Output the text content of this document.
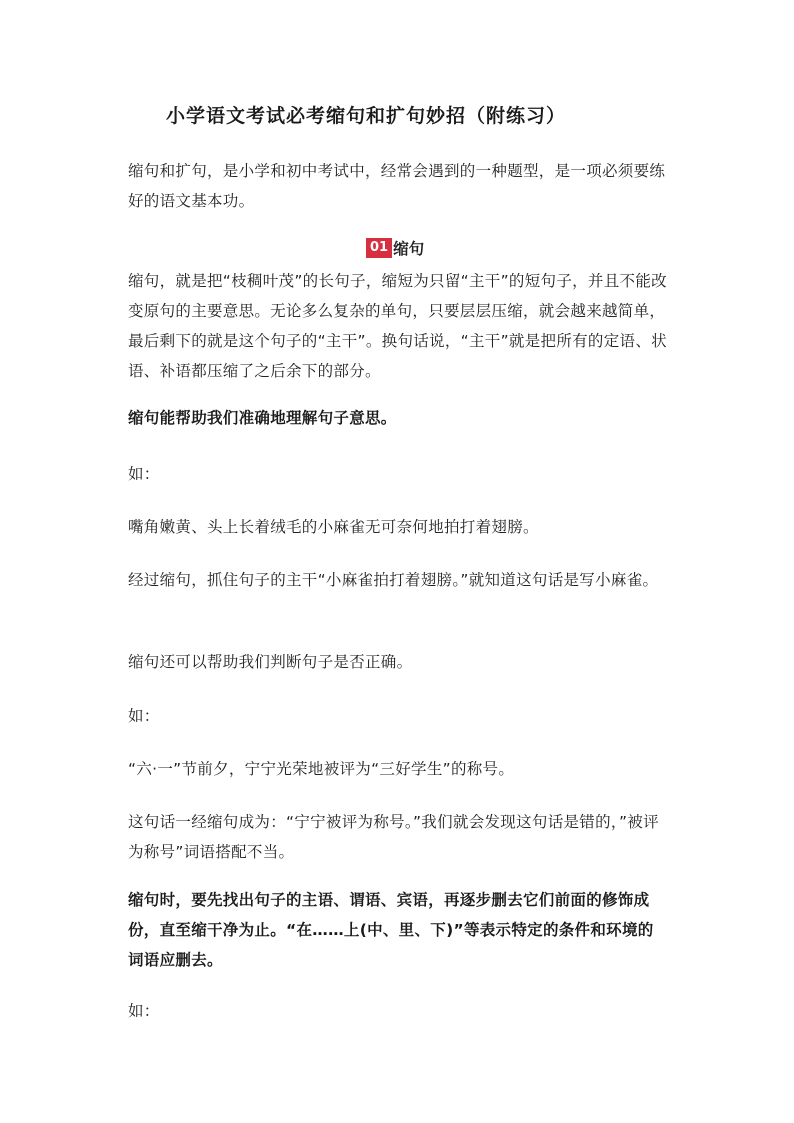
小学语文考试必考缩句和扩句妙招（附练习）

缩句和扩句，是小学和初中考试中，经常会遇到的一种题型，是一项必须要练好的语文基本功。

01 缩句

缩句，就是把“枝稠叶茂”的长句子，缩短为只留“主干”的短句子，并且不能改变原句的主要意思。无论多么复杂的单句，只要层层压缩，就会越来越简单，最后剩下的就是这个句子的“主干”。换句话说，“主干”就是把所有的定语、状语、补语都压缩了之后余下的部分。

缩句能帮助我们准确地理解句子意思。

如：

嘴角嫩黄、头上长着绒毛的小麻雀无可奈何地拍打着翅膀。

经过缩句，抓住句子的主干“小麻雀拍打着翅膀。”就知道这句话是写小麻雀。

缩句还可以帮助我们判断句子是否正确。

如：

“六·一”节前夕，宁宁光荣地被评为“三好学生”的称号。

这句话一经缩句成为：“宁宁被评为称号。”我们就会发现这句话是错的，”被评为称号”词语搭配不当。

缩句时，要先找出句子的主语、谓语、宾语，再逐步删去它们前面的修饰成份，直至缩干净为止。“在……上(中、里、下)”等表示特定的条件和环境的词语应删去。

如：
